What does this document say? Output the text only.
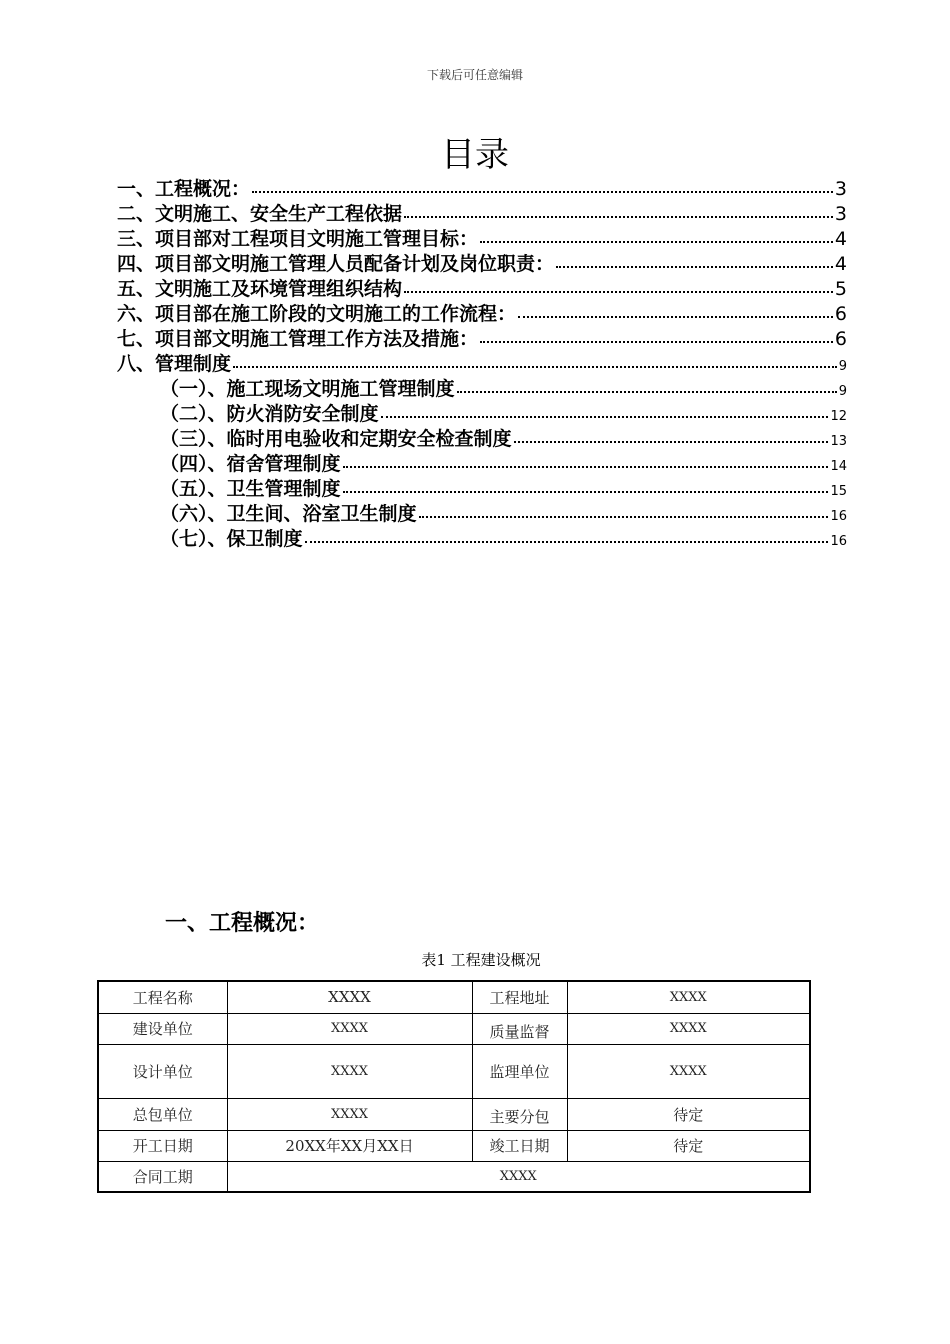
下载后可任意编辑
目录
一、工程概况：	3
二、文明施工、安全生产工程依据	3
三、项目部对工程项目文明施工管理目标：	4
四、项目部文明施工管理人员配备计划及岗位职责：	4
五、文明施工及环境管理组织结构	5
六、项目部在施工阶段的文明施工的工作流程：	6
七、项目部文明施工管理工作方法及措施：	6
八、管理制度	9
（一）、施工现场文明施工管理制度	9
（二）、防火消防安全制度	12
（三）、临时用电验收和定期安全检查制度	13
（四）、宿舍管理制度	14
（五）、卫生管理制度	15
（六）、卫生间、浴室卫生制度	16
（七）、保卫制度	16
一、工程概况：
表1 工程建设概况
工程名称	XXXX	工程地址	XXXX
建设单位	XXXX	质量监督	XXXX
设计单位	XXXX	监理单位	XXXX
总包单位	XXXX	主要分包	待定
开工日期	20XX年XX月XX日	竣工日期	待定
合同工期	XXXX		
